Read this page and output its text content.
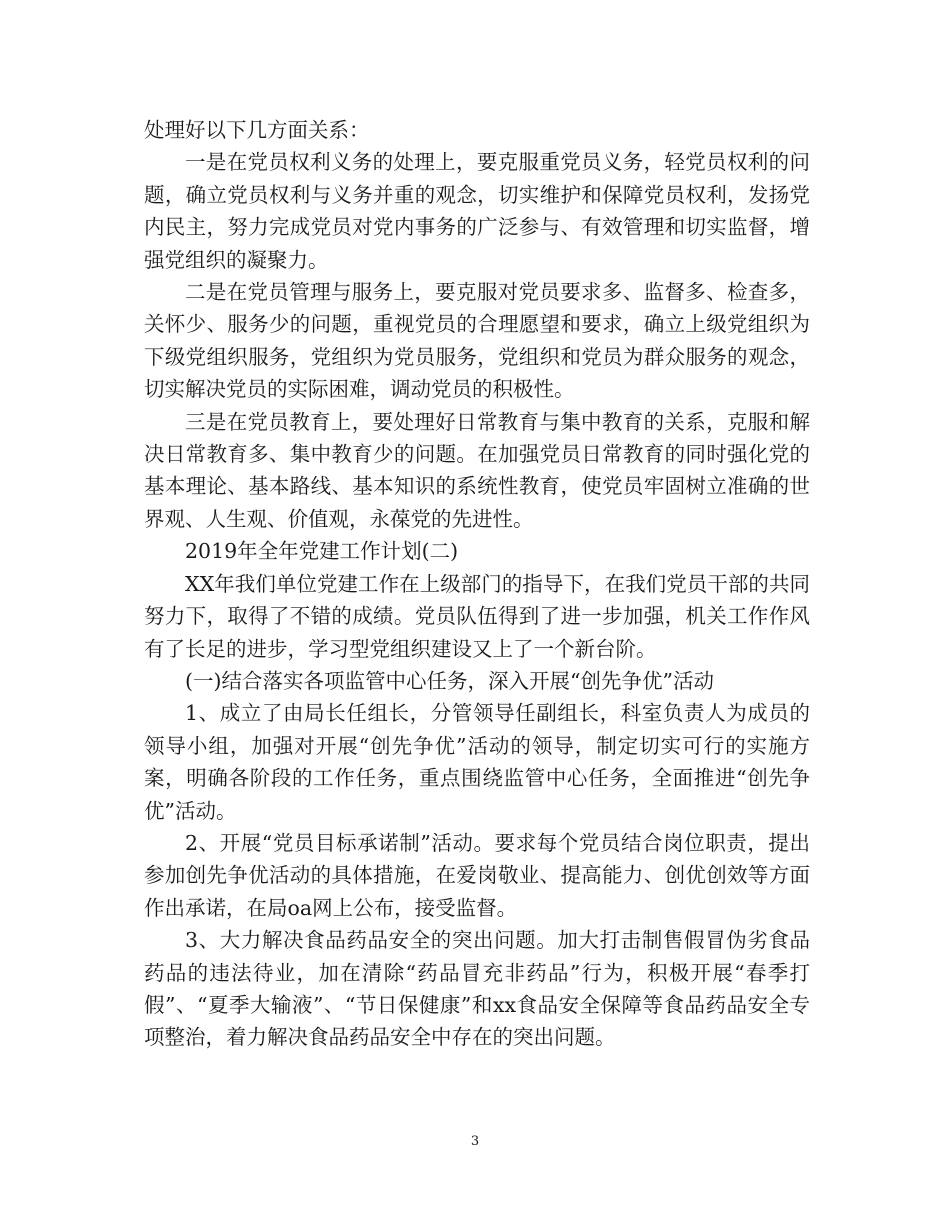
处理好以下几方面关系：

一是在党员权利义务的处理上，要克服重党员义务，轻党员权利的问题，确立党员权利与义务并重的观念，切实维护和保障党员权利，发扬党内民主，努力完成党员对党内事务的广泛参与、有效管理和切实监督，增强党组织的凝聚力。

二是在党员管理与服务上，要克服对党员要求多、监督多、检查多，关怀少、服务少的问题，重视党员的合理愿望和要求，确立上级党组织为下级党组织服务，党组织为党员服务，党组织和党员为群众服务的观念，切实解决党员的实际困难，调动党员的积极性。

三是在党员教育上，要处理好日常教育与集中教育的关系，克服和解决日常教育多、集中教育少的问题。在加强党员日常教育的同时强化党的基本理论、基本路线、基本知识的系统性教育，使党员牢固树立准确的世界观、人生观、价值观，永葆党的先进性。

2019年全年党建工作计划(二)

XX年我们单位党建工作在上级部门的指导下，在我们党员干部的共同努力下，取得了不错的成绩。党员队伍得到了进一步加强，机关工作作风有了长足的进步，学习型党组织建设又上了一个新台阶。

(一)结合落实各项监管中心任务，深入开展“创先争优”活动

1、成立了由局长任组长，分管领导任副组长，科室负责人为成员的领导小组，加强对开展“创先争优”活动的领导，制定切实可行的实施方案，明确各阶段的工作任务，重点围绕监管中心任务，全面推进“创先争优”活动。

2、开展“党员目标承诺制”活动。要求每个党员结合岗位职责，提出参加创先争优活动的具体措施，在爱岗敬业、提高能力、创优创效等方面作出承诺，在局oa网上公布，接受监督。

3、大力解决食品药品安全的突出问题。加大打击制售假冒伪劣食品药品的违法待业，加在清除“药品冒充非药品”行为，积极开展“春季打假”、“夏季大输液”、“节日保健康”和xx食品安全保障等食品药品安全专项整治，着力解决食品药品安全中存在的突出问题。

3
